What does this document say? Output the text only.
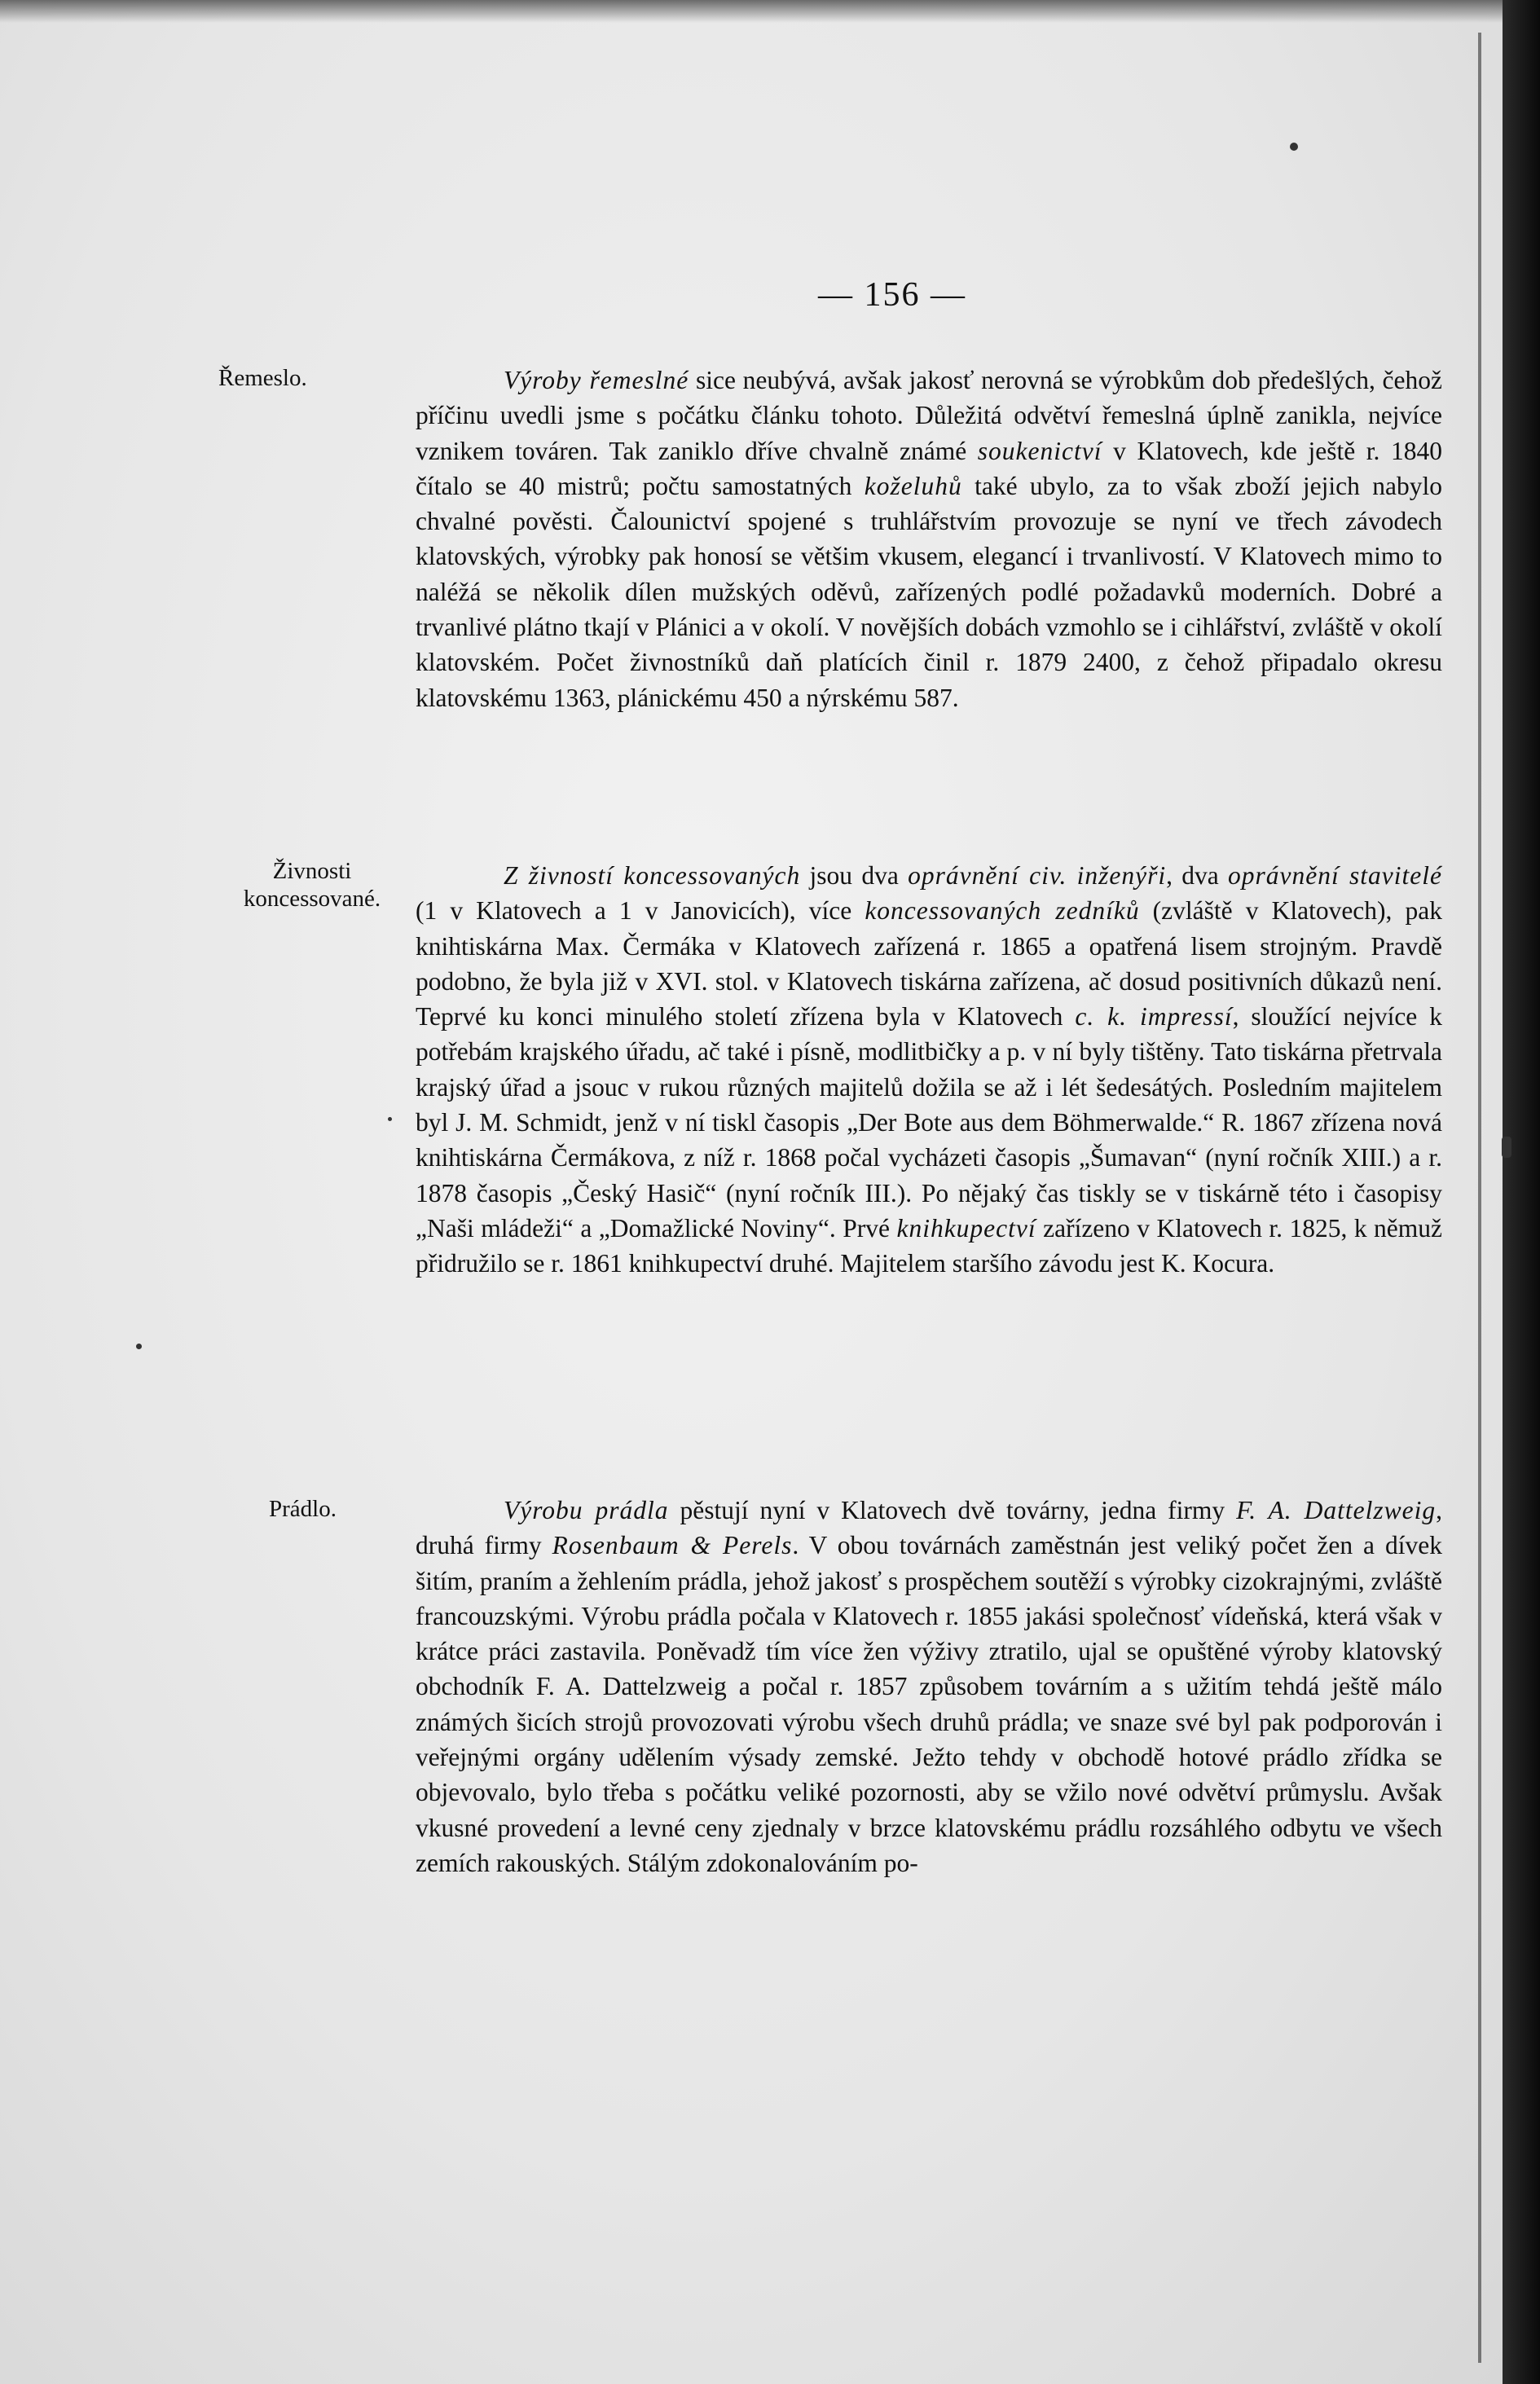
— 156 —
Řemeslo.	Výroby řemeslné sice neubývá, avšak jakosť nerovná se výrobkům dob předešlých, čehož příčinu uvedli jsme s počátku článku tohoto. Důležitá odvětví řemeslná úplně zanikla, nejvíce vznikem továren. Tak zaniklo dříve chvalně známé soukenictví v Klatovech, kde ještě r. 1840 čítalo se 40 mistrů; počtu samostatných koželuhů také ubylo, za to však zboží jejich nabylo chvalné pověsti. Čalounictví spojené s truhlářstvím provozuje se nyní ve třech závodech klatovských, výrobky pak honosí se většim vkusem, elegancí i trvanlivostí. V Klatovech mimo to naléžá se několik dílen mužských oděvů, zařízených podlé požadavků moderních. Dobré a trvanlivé plátno tkají v Plánici a v okolí. V novějších dobách vzmohlo se i cihlářství, zvláště v okolí klatovském. Počet živnostníků daň platících činil r. 1879 2400, z čehož připadalo okresu klatovskému 1363, plánickému 450 a nýrskému 587.
Živnosti koncessované.
Z živností koncessovaných jsou dva oprávnění civ. inženýři, dva oprávnění stavitelé (1 v Klatovech a 1 v Janovicích), více koncessovaných zedníků (zvláště v Klatovech), pak knihtiskárna Max. Čermáka v Klatovech zařízená r. 1865 a opatřená lisem strojným. Pravdě podobno, že byla již v XVI. stol. v Klatovech tiskárna zařízena, ač dosud positivních důkazů není. Teprvé ku konci minulého století zřízena byla v Klatovech c. k. impressí, sloužící nejvíce k potřebám krajského úřadu, ač také i písně, modlitbičky a p. v ní byly tištěny. Tato tiskárna přetrvala krajský úřad a jsouc v rukou různých majitelů dožila se až i lét šedesátých. Posledním majitelem byl J. M. Schmidt, jenž v ní tiskl časopis „Der Bote aus dem Böhmerwalde.“ R. 1867 zřízena nová knihtiskárna Čermákova, z níž r. 1868 počal vycházeti časopis „Šumavan“ (nyní ročník XIII.) a r. 1878 časopis „Český Hasič“ (nyní ročník III.). Po nějaký čas tiskly se v tiskárně této i časopisy „Naši mládeži“ a „Domažlické Noviny“. Prvé knihkupectví zařízeno v Klatovech r. 1825, k němuž přidružilo se r. 1861 knihkupectví druhé. Majitelem staršího závodu jest K. Kocura.
Prádlo.	Výrobu prádla pěstují nyní v Klatovech dvě továrny, jedna firmy F. A. Dattelzweig, druhá firmy Rosenbaum & Perels. V obou továrnách zaměstnán jest veliký počet žen a dívek šitím, praním a žehlením prádla, jehož jakosť s prospěchem soutěží s výrobky cizokrajnými, zvláště francouzskými. Výrobu prádla počala v Klatovech r. 1855 jakási společnosť vídeňská, která však v krátce práci zastavila. Poněvadž tím více žen výživy ztratilo, ujal se opuštěné výroby klatovský obchodník F. A. Dattelzweig a počal r. 1857 způsobem továrním a s užitím tehdá ještě málo známých šicích strojů provozovati výrobu všech druhů prádla; ve snaze své byl pak podporován i veřejnými orgány udělením výsady zemské. Ježto tehdy v obchodě hotové prádlo zřídka se objevovalo, bylo třeba s počátku veliké pozornosti, aby se vžilo nové odvětví průmyslu. Avšak vkusné provedení a levné ceny zjednaly v brzce klatovskému prádlu rozsáhlého odbytu ve všech zemích rakouských. Stálým zdokonalováním po-
